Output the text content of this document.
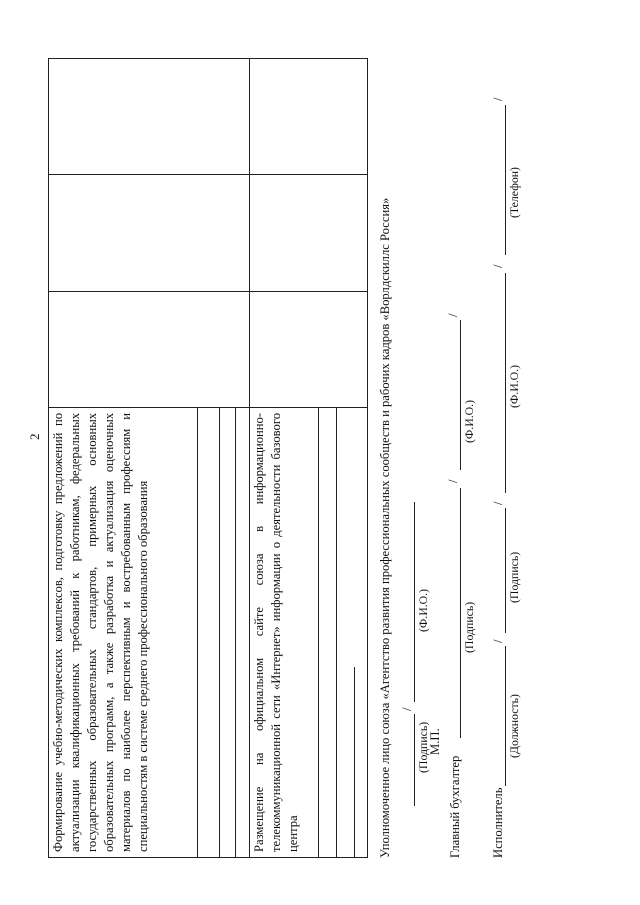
2 Формирование учебно-методических комплексов, подготовку предложений по актуализации квалификационных требований к работникам, федеральных государственных образовательных стандартов, примерных основных образовательных программ, а также разработка и актуализация оценочных материалов по наиболее перспективным и востребованным профессиям и специальностям в системе среднего профессионального образования	Размещение на официальном сайте союза в информационно-телекоммуникационной сети «Интернет» информации о деятельности базового центра	Уполномоченное лицо союза «Агентство развития профессиональных сообществ и рабочих кадров «Ворлдскиллс Россия» /
(Подпись)
(Ф.И.О.)
М.П.
Главный бухгалтер
/
/
(Подпись)
(Ф.И.О.)
Исполнитель
/
/
/
/
(Должность)
(Подпись)
(Ф.И.О.)
(Телефон)
